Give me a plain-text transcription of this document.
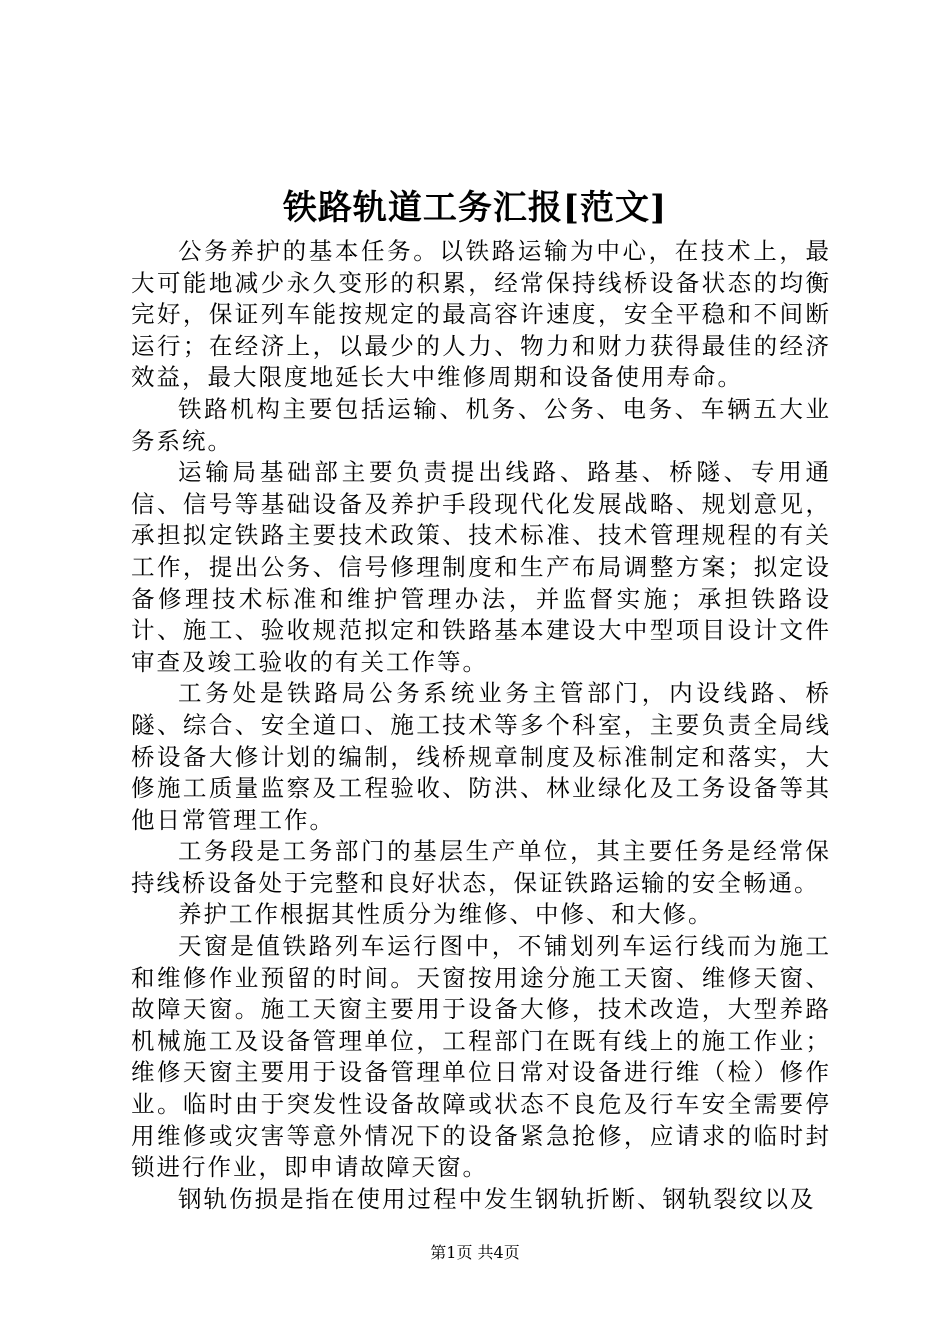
铁路轨道工务汇报[范文]

公务养护的基本任务。以铁路运输为中心，在技术上，最大可能地减少永久变形的积累，经常保持线桥设备状态的均衡完好，保证列车能按规定的最高容许速度，安全平稳和不间断运行；在经济上，以最少的人力、物力和财力获得最佳的经济效益，最大限度地延长大中维修周期和设备使用寿命。

铁路机构主要包括运输、机务、公务、电务、车辆五大业务系统。

运输局基础部主要负责提出线路、路基、桥隧、专用通信、信号等基础设备及养护手段现代化发展战略、规划意见，承担拟定铁路主要技术政策、技术标准、技术管理规程的有关工作，提出公务、信号修理制度和生产布局调整方案；拟定设备修理技术标准和维护管理办法，并监督实施；承担铁路设计、施工、验收规范拟定和铁路基本建设大中型项目设计文件审查及竣工验收的有关工作等。

工务处是铁路局公务系统业务主管部门，内设线路、桥隧、综合、安全道口、施工技术等多个科室，主要负责全局线桥设备大修计划的编制，线桥规章制度及标准制定和落实，大修施工质量监察及工程验收、防洪、林业绿化及工务设备等其他日常管理工作。

工务段是工务部门的基层生产单位，其主要任务是经常保持线桥设备处于完整和良好状态，保证铁路运输的安全畅通。

养护工作根据其性质分为维修、中修、和大修。

天窗是值铁路列车运行图中，不铺划列车运行线而为施工和维修作业预留的时间。天窗按用途分施工天窗、维修天窗、故障天窗。施工天窗主要用于设备大修，技术改造，大型养路机械施工及设备管理单位，工程部门在既有线上的施工作业；维修天窗主要用于设备管理单位日常对设备进行维（检）修作业。临时由于突发性设备故障或状态不良危及行车安全需要停用维修或灾害等意外情况下的设备紧急抢修，应请求的临时封锁进行作业，即申请故障天窗。

钢轨伤损是指在使用过程中发生钢轨折断、钢轨裂纹以及

第1页 共4页
